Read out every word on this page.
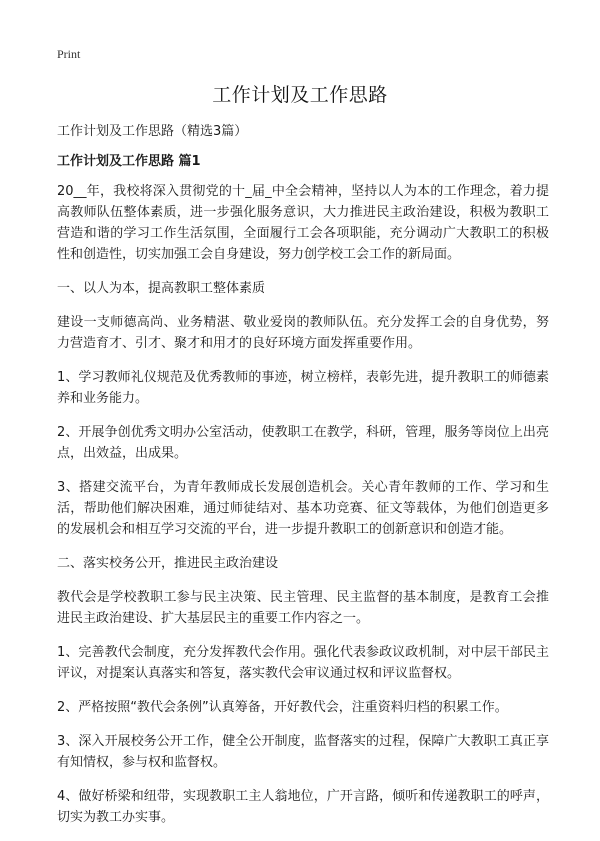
Print
工作计划及工作思路

工作计划及工作思路（精选3篇）

工作计划及工作思路 篇1

20__年，我校将深入贯彻党的十_届_中全会精神，坚持以人为本的工作理念，着力提高教师队伍整体素质，进一步强化服务意识，大力推进民主政治建设，积极为教职工营造和谐的学习工作生活氛围，全面履行工会各项职能，充分调动广大教职工的积极性和创造性，切实加强工会自身建设，努力创学校工会工作的新局面。

一、以人为本，提高教职工整体素质

建设一支师德高尚、业务精湛、敬业爱岗的教师队伍。充分发挥工会的自身优势，努力营造育才、引才、聚才和用才的良好环境方面发挥重要作用。

1、学习教师礼仪规范及优秀教师的事迹，树立榜样，表彰先进，提升教职工的师德素养和业务能力。

2、开展争创优秀文明办公室活动，使教职工在教学，科研，管理，服务等岗位上出亮点，出效益，出成果。

3、搭建交流平台，为青年教师成长发展创造机会。关心青年教师的工作、学习和生活，帮助他们解决困难，通过师徒结对、基本功竞赛、征文等载体，为他们创造更多的发展机会和相互学习交流的平台，进一步提升教职工的创新意识和创造才能。

二、落实校务公开，推进民主政治建设

教代会是学校教职工参与民主决策、民主管理、民主监督的基本制度，是教育工会推进民主政治建设、扩大基层民主的重要工作内容之一。

1、完善教代会制度，充分发挥教代会作用。强化代表参政议政机制，对中层干部民主评议，对提案认真落实和答复，落实教代会审议通过权和评议监督权。

2、严格按照“教代会条例”认真筹备，开好教代会，注重资料归档的积累工作。

3、深入开展校务公开工作，健全公开制度，监督落实的过程，保障广大教职工真正享有知情权，参与权和监督权。

4、做好桥梁和纽带，实现教职工主人翁地位，广开言路，倾听和传递教职工的呼声，切实为教工办实事。
